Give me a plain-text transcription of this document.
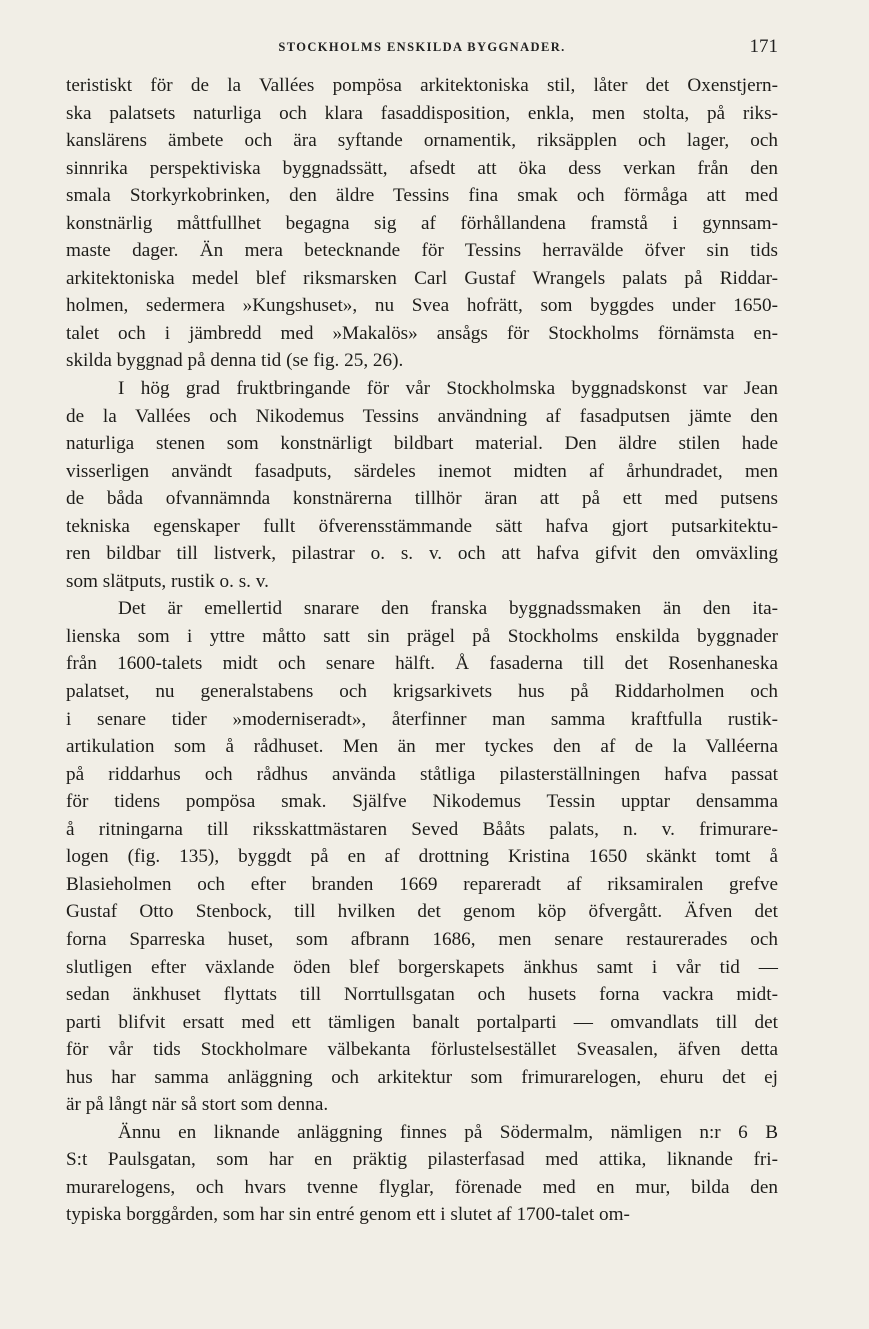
STOCKHOLMS ENSKILDA BYGGNADER.	171
teristiskt för de la Vallées pompösa arkitektoniska stil, låter det Oxenstjern-
ska palatsets naturliga och klara fasaddisposition, enkla, men stolta, på riks-
kanslärens ämbete och ära syftande ornamentik, riksäpplen och lager, och
sinnrika perspektiviska byggnadssätt, afsedt att öka dess verkan från den
smala Storkyrkobrinken, den äldre Tessins fina smak och förmåga att med
konstnärlig måttfullhet begagna sig af förhållandena framstå i gynnsam-
maste dager. Än mera betecknande för Tessins herravälde öfver sin tids
arkitektoniska medel blef riksmarsken Carl Gustaf Wrangels palats på Riddar-
holmen, sedermera »Kungshuset», nu Svea hofrätt, som byggdes under 1650-
talet och i jämbredd med »Makalös» ansågs för Stockholms förnämsta en-
skilda byggnad på denna tid (se fig. 25, 26).
I hög grad fruktbringande för vår Stockholmska byggnadskonst var Jean
de la Vallées och Nikodemus Tessins användning af fasadputsen jämte den
naturliga stenen som konstnärligt bildbart material. Den äldre stilen hade
visserligen användt fasadputs, särdeles inemot midten af århundradet, men
de båda ofvannämnda konstnärerna tillhör äran att på ett med putsens
tekniska egenskaper fullt öfverensstämmande sätt hafva gjort putsarkitektu-
ren bildbar till listverk, pilastrar o. s. v. och att hafva gifvit den omväxling
som slätputs, rustik o. s. v.
Det är emellertid snarare den franska byggnadssmaken än den ita-
lienska som i yttre måtto satt sin prägel på Stockholms enskilda byggnader
från 1600-talets midt och senare hälft. Å fasaderna till det Rosenhaneska
palatset, nu generalstabens och krigsarkivets hus på Riddarholmen och
i senare tider »moderniseradt», återfinner man samma kraftfulla rustik-
artikulation som å rådhuset. Men än mer tyckes den af de la Valléerna
på riddarhus och rådhus använda ståtliga pilasterställningen hafva passat
för tidens pompösa smak. Själfve Nikodemus Tessin upptar densamma
å ritningarna till riksskattmästaren Seved Bååts palats, n. v. frimurare-
logen (fig. 135), byggdt på en af drottning Kristina 1650 skänkt tomt å
Blasieholmen och efter branden 1669 repareradt af riksamiralen grefve
Gustaf Otto Stenbock, till hvilken det genom köp öfvergått. Äfven det
forna Sparreska huset, som afbrann 1686, men senare restaurerades och
slutligen efter växlande öden blef borgerskapets änkhus samt i vår tid —
sedan änkhuset flyttats till Norrtullsgatan och husets forna vackra midt-
parti blifvit ersatt med ett tämligen banalt portalparti — omvandlats till det
för vår tids Stockholmare välbekanta förlustelsestället Sveasalen, äfven detta
hus har samma anläggning och arkitektur som frimurarelogen, ehuru det ej
är på långt när så stort som denna.
Ännu en liknande anläggning finnes på Södermalm, nämligen n:r 6 B
S:t Paulsgatan, som har en präktig pilasterfasad med attika, liknande fri-
murarelogens, och hvars tvenne flyglar, förenade med en mur, bilda den
typiska borggården, som har sin entré genom ett i slutet af 1700-talet om-
